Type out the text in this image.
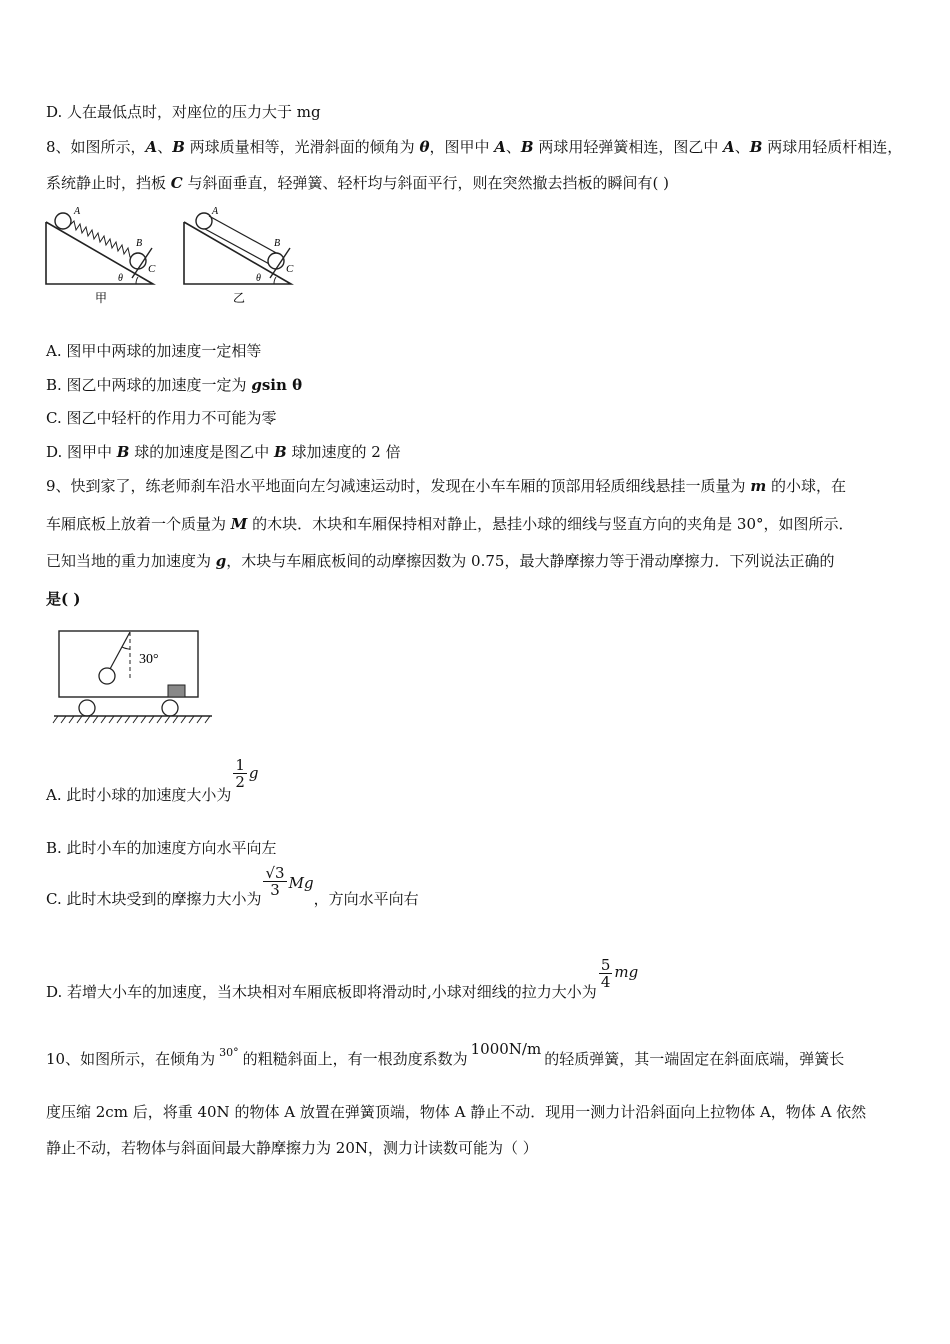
D. 人在最低点时，对座位的压力大于 mg
8、如图所示，A、B 两球质量相等，光滑斜面的倾角为 θ，图甲中 A、B 两球用轻弹簧相连，图乙中 A、B 两球用轻质杆相连，
系统静止时，挡板 C 与斜面垂直，轻弹簧、轻杆均与斜面平行，则在突然撤去挡板的瞬间有( )
A
B
C
θ
甲
A
B
C
θ
乙
A. 图甲中两球的加速度一定相等
B. 图乙中两球的加速度一定为 gsin θ
C. 图乙中轻杆的作用力不可能为零
D. 图甲中 B 球的加速度是图乙中 B 球加速度的 2 倍
9、快到家了，练老师刹车沿水平地面向左匀减速运动时，发现在小车车厢的顶部用轻质细线悬挂一质量为 m 的小球，在
车厢底板上放着一个质量为 M 的木块．木块和车厢保持相对静止，悬挂小球的细线与竖直方向的夹角是 30°，如图所示．
已知当地的重力加速度为 g，木块与车厢底板间的动摩擦因数为 0.75，最大静摩擦力等于滑动摩擦力．下列说法正确的
是( )
30°
A. 此时小球的加速度大小为
$\frac{1}{2}$ g
B. 此时小车的加速度方向水平向左
C. 此时木块受到的摩擦力大小为
$\frac{√3}{3}$ Mg，方向水平向右
D. 若增大小车的加速度，当木块相对车厢底板即将滑动时,小球对细线的拉力大小为
$\frac{5}{4}$ mg
10、如图所示，在倾角为 $^{30^\circ}$ 的粗糙斜面上，有一根劲度系数为1000N/m的轻质弹簧，其一端固定在斜面底端，弹簧长
度压缩 2cm 后，将重 40N 的物体 A 放置在弹簧顶端，物体 A 静止不动．现用一测力计沿斜面向上拉物体 A，物体 A 依然
静止不动，若物体与斜面间最大静摩擦力为 20N，测力计读数可能为（ ）
